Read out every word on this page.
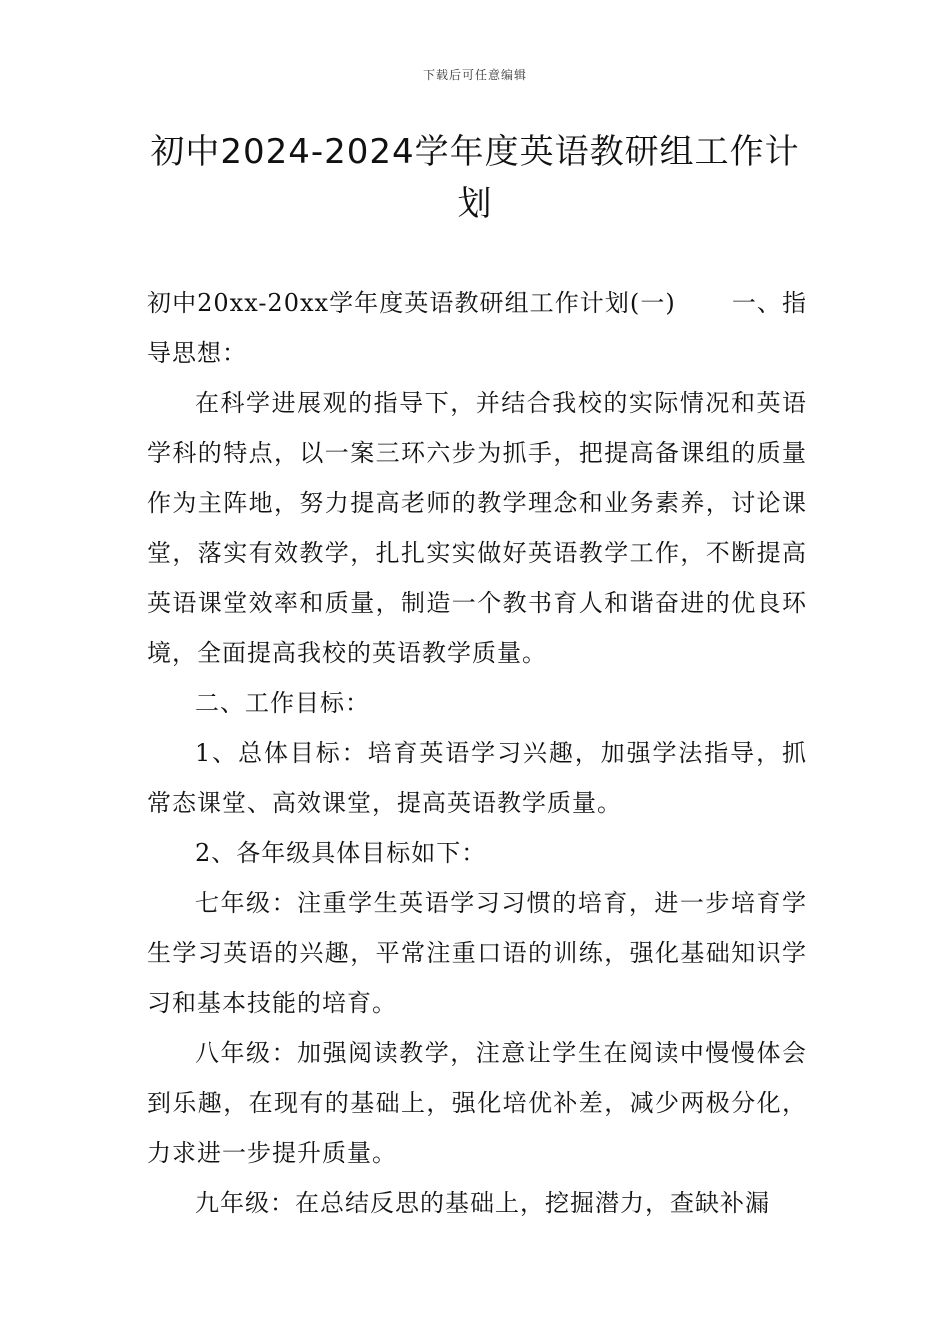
下载后可任意编辑
初中2024-2024学年度英语教研组工作计划

初中20xx-20xx学年度英语教研组工作计划(一) 一、指导思想：

在科学进展观的指导下，并结合我校的实际情况和英语学科的特点，以一案三环六步为抓手，把提高备课组的质量作为主阵地，努力提高老师的教学理念和业务素养，讨论课堂，落实有效教学，扎扎实实做好英语教学工作，不断提高英语课堂效率和质量，制造一个教书育人和谐奋进的优良环境，全面提高我校的英语教学质量。

二、工作目标：

1、总体目标：培育英语学习兴趣，加强学法指导，抓常态课堂、高效课堂，提高英语教学质量。

2、各年级具体目标如下：

七年级：注重学生英语学习习惯的培育，进一步培育学生学习英语的兴趣，平常注重口语的训练，强化基础知识学习和基本技能的培育。

八年级：加强阅读教学，注意让学生在阅读中慢慢体会到乐趣，在现有的基础上，强化培优补差，减少两极分化，力求进一步提升质量。

九年级：在总结反思的基础上，挖掘潜力，查缺补漏
